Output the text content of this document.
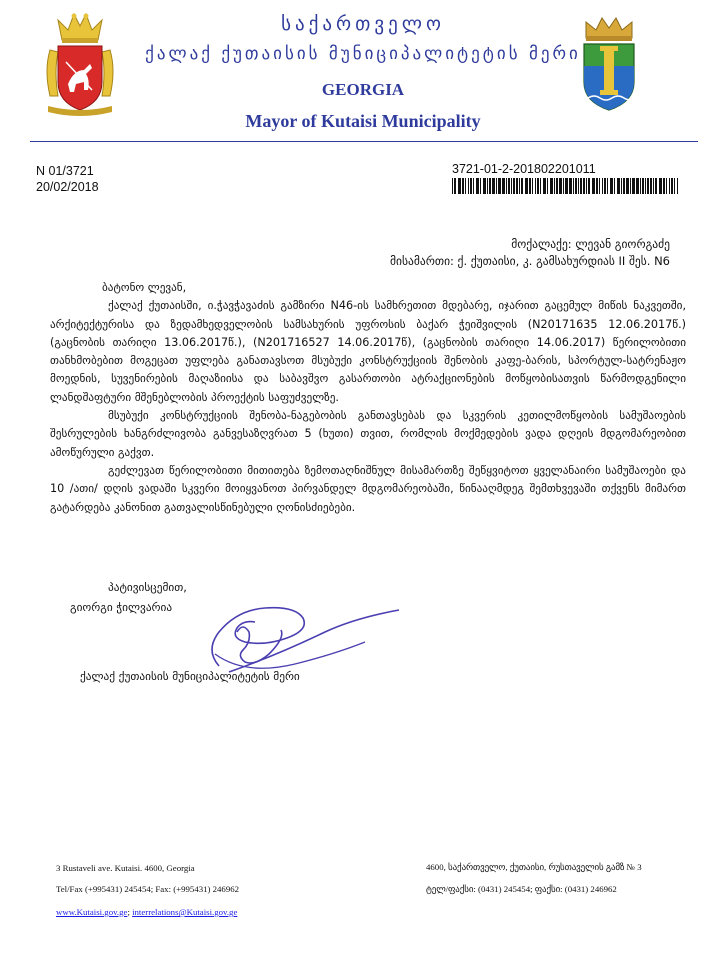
საქართველო
ქალაქ ქუთაისის მუნიციპალიტეტის მერი
GEORGIA
Mayor of Kutaisi Municipality
N 01/3721
20/02/2018
3721-01-2-201802201011
მოქალაქე: ლევან გიორგაძე
მისამართი: ქ. ქუთაისი, კ. გამსახურდიას II შეს. N6

ბატონო ლევან,

ქალაქ ქუთაისში, ი.ჭავჭავაძის გამზირი N46-ის სამხრეთით მდებარე, იჯარით გაცემულ მიწის ნაკვეთში, არქიტექტურისა და ზედამხედველობის სამსახურის უფროსის ბაქარ ჭეიშვილის (N20171635 12.06.2017წ.) (გაცნობის თარიღი 13.06.2017წ.), (N201716527 14.06.2017წ), (გაცნობის თარიღი 14.06.2017) წერილობითი თანხმობებით მოგეცათ უფლება განათავსოთ მსუბუქი კონსტრუქციის შენობის კაფე-ბარის, სპორტულ-სატრენაჟო მოედნის, სუვენირების მაღაზიისა და საბავშვო გასართობი ატრაქციონების მოწყობისათვის წარმოდგენილი ლანდშაფტური მშენებლობის პროექტის საფუძველზე.

მსუბუქი კონსტრუქციის შენობა-ნაგებობის განთავსებას და სკვერის კეთილმოწყობის სამუშაოების შესრულების ხანგრძლივობა განვესაზღვრათ 5 (ხუთი) თვით, რომლის მოქმედების ვადა დღეის მდგომარეობით ამოწურული გაქვთ.

გეძლევათ წერილობითი მითითება ზემოთაღნიშნულ მისამართზე შეწყვიტოთ ყველანაირი სამუშაოები და 10 /ათი/ დღის ვადაში სკვერი მოიყვანოთ პირვანდელ მდგომარეობაში, წინააღმდეგ შემთხვევაში თქვენს მიმართ გატარდება კანონით გათვალისწინებული ღონისძიებები.

პატივისცემით,
გიორგი ჭილვარია
ქალაქ ქუთაისის მუნიციპალიტეტის მერი
3 Rustaveli ave. Kutaisi. 4600, Georgia
Tel/Fax (+995431) 245454; Fax: (+995431) 246962
www.Kutaisi.gov.ge; interrelations@Kutaisi.gov.ge
4600, საქართველო, ქუთაისი, რუსთაველის გამზ № 3
ტელ/ფაქსი: (0431) 245454; ფაქსი: (0431) 246962
